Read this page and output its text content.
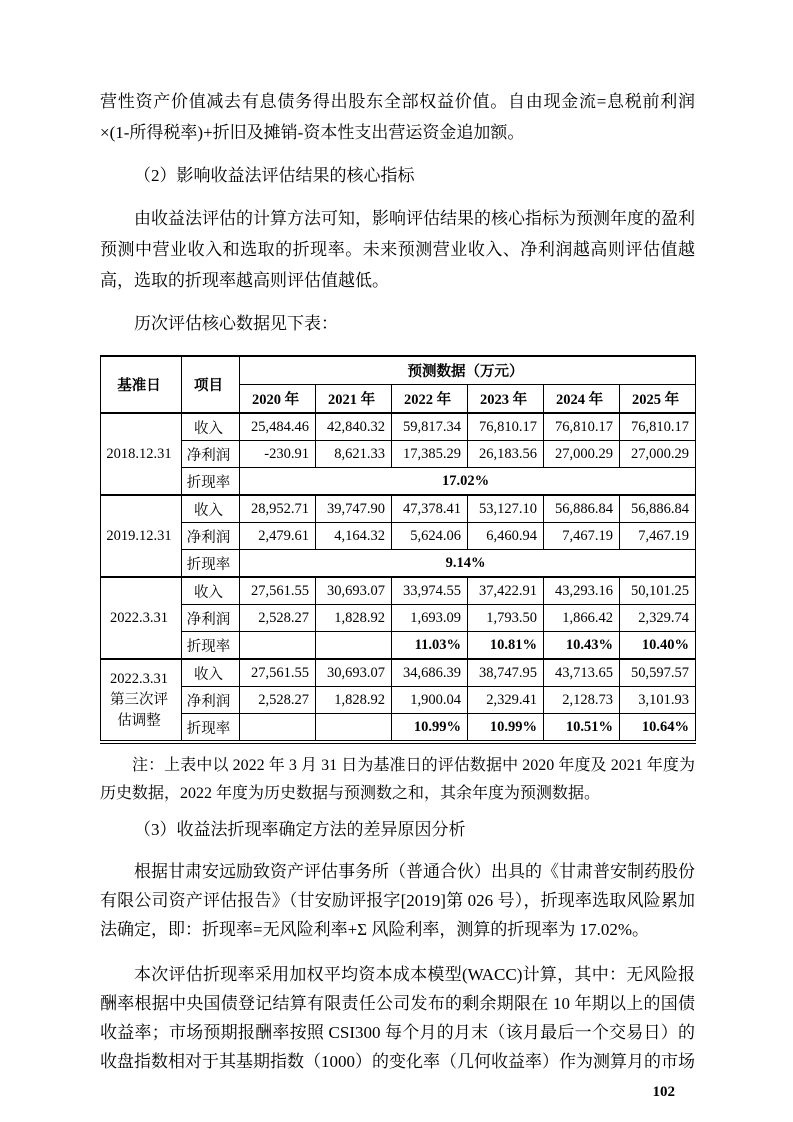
营性资产价值减去有息债务得出股东全部权益价值。自由现金流=息税前利润×(1-所得税率)+折旧及摊销-资本性支出营运资金追加额。

（2）影响收益法评估结果的核心指标

由收益法评估的计算方法可知，影响评估结果的核心指标为预测年度的盈利预测中营业收入和选取的折现率。未来预测营业收入、净利润越高则评估值越高，选取的折现率越高则评估值越低。

历次评估核心数据见下表：

基准日	项目	预测数据（万元）					
		2020 年	2021 年	2022 年	2023 年	2024 年	2025 年
2018.12.31	收入	25,484.46	42,840.32	59,817.34	76,810.17	76,810.17	76,810.17
	净利润	-230.91	8,621.33	17,385.29	26,183.56	27,000.29	27,000.29
	折现率	17.02%					
2019.12.31	收入	28,952.71	39,747.90	47,378.41	53,127.10	56,886.84	56,886.84
	净利润	2,479.61	4,164.32	5,624.06	6,460.94	7,467.19	7,467.19
	折现率	9.14%					
2022.3.31	收入	27,561.55	30,693.07	33,974.55	37,422.91	43,293.16	50,101.25
	净利润	2,528.27	1,828.92	1,693.09	1,793.50	1,866.42	2,329.74
	折现率			11.03%	10.81%	10.43%	10.40%
2022.3.31 第三次评估调整	收入	27,561.55	30,693.07	34,686.39	38,747.95	43,713.65	50,597.57
	净利润	2,528.27	1,828.92	1,900.04	2,329.41	2,128.73	3,101.93
	折现率			10.99%	10.99%	10.51%	10.64%

注：上表中以 2022 年 3 月 31 日为基准日的评估数据中 2020 年度及 2021 年度为历史数据，2022 年度为历史数据与预测数之和，其余年度为预测数据。

（3）收益法折现率确定方法的差异原因分析

根据甘肃安远励致资产评估事务所（普通合伙）出具的《甘肃普安制药股份有限公司资产评估报告》（甘安励评报字[2019]第 026 号），折现率选取风险累加法确定，即：折现率=无风险利率+Σ 风险利率，测算的折现率为 17.02%。

本次评估折现率采用加权平均资本成本模型(WACC)计算，其中：无风险报酬率根据中央国债登记结算有限责任公司发布的剩余期限在 10 年期以上的国债收益率；市场预期报酬率按照 CSI300 每个月的月末（该月最后一个交易日）的收盘指数相对于其基期指数（1000）的变化率（几何收益率）作为测算月的市场

102
